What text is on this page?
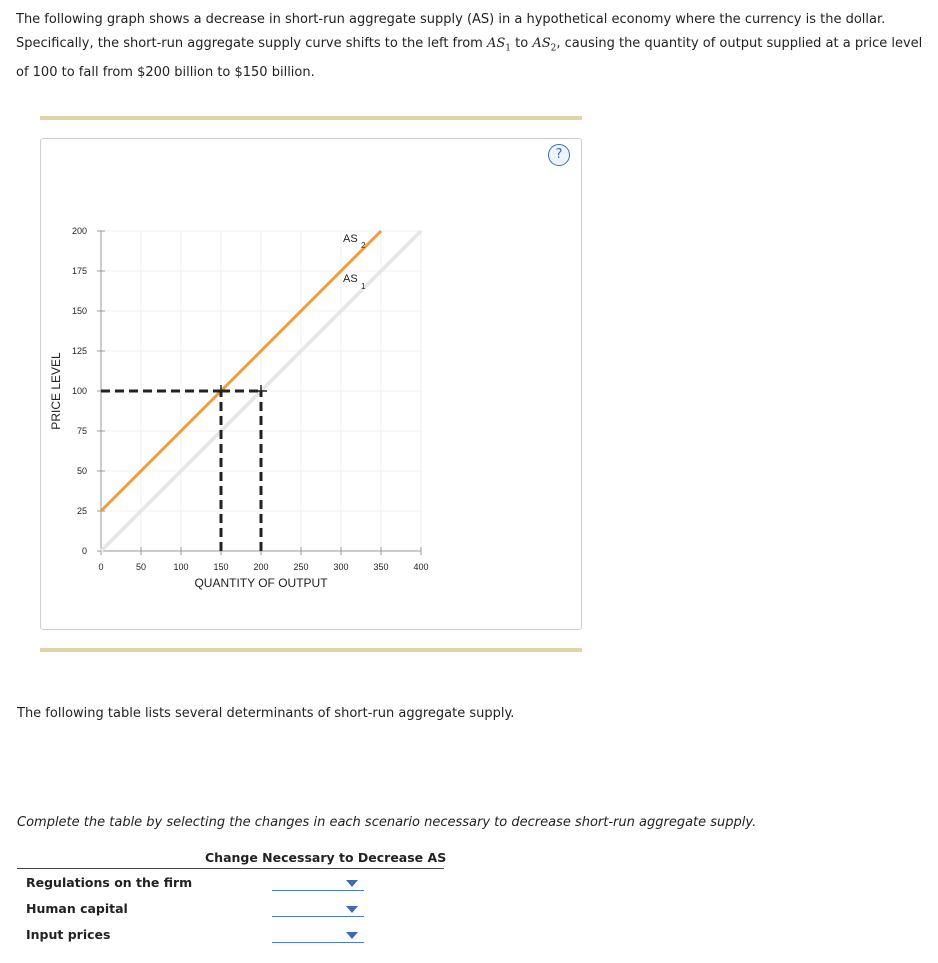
The following graph shows a decrease in short-run aggregate supply (AS) in a hypothetical economy where the currency is the dollar. Specifically, the short-run aggregate supply curve shifts to the left from $AS_1$ to $AS_2$, causing the quantity of output supplied at a price level of 100 to fall from $200 billion to $150 billion.
?
0
25
50
75
100
125
150
175
200
0	50	100	150	200	250	300	350	400
QUANTITY OF OUTPUT
PRICE LEVEL
AS
2
AS
1
The following table lists several determinants of short-run aggregate supply.
Complete the table by selecting the changes in each scenario necessary to decrease short-run aggregate supply.
Change Necessary to Decrease AS
Regulations on the firm
Human capital
Input prices
